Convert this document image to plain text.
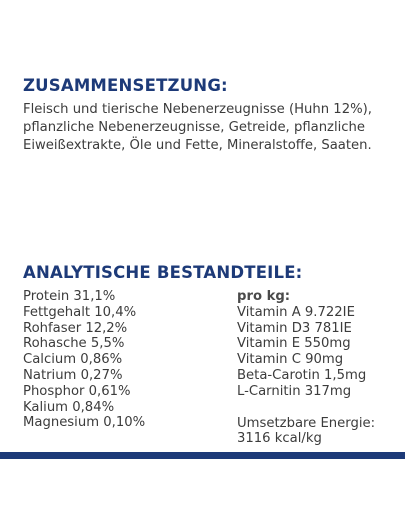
ZUSAMMENSETZUNG:

Fleisch und tierische Nebenerzeugnisse (Huhn 12%),
pflanzliche Nebenerzeugnisse, Getreide, pflanzliche
Eiweißextrakte, Öle und Fette, Mineralstoffe, Saaten.

ANALYTISCHE BESTANDTEILE:
Protein 31,1%
Fettgehalt 10,4%
Rohfaser 12,2%
Rohasche 5,5%
Calcium 0,86%
Natrium 0,27%
Phosphor 0,61%
Kalium 0,84%
Magnesium 0,10%
pro kg:
Vitamin A 9.722IE
Vitamin D3 781IE
Vitamin E 550mg
Vitamin C 90mg
Beta-Carotin 1,5mg
L-Carnitin 317mg
Umsetzbare Energie:
3116 kcal/kg
